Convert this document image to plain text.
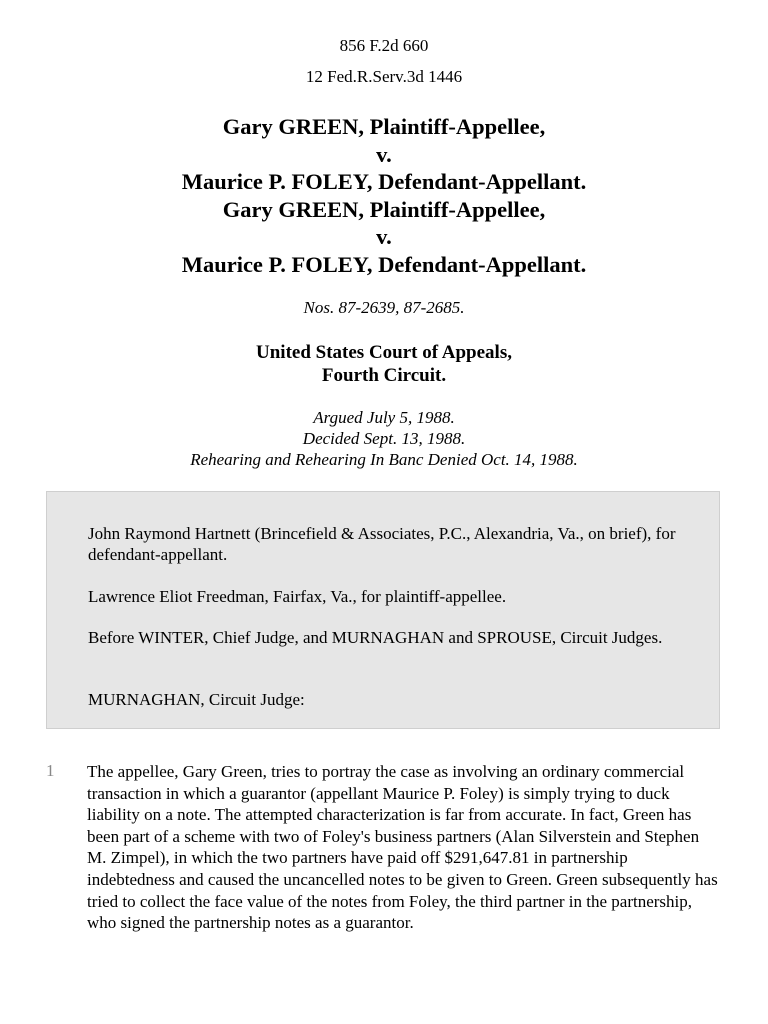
856 F.2d 660
12 Fed.R.Serv.3d 1446
Gary GREEN, Plaintiff-Appellee,
v.
Maurice P. FOLEY, Defendant-Appellant.
Gary GREEN, Plaintiff-Appellee,
v.
Maurice P. FOLEY, Defendant-Appellant.
Nos. 87-2639, 87-2685.
United States Court of Appeals,
Fourth Circuit.
Argued July 5, 1988.
Decided Sept. 13, 1988.
Rehearing and Rehearing In Banc Denied Oct. 14, 1988.

John Raymond Hartnett (Brincefield & Associates, P.C., Alexandria, Va., on brief), for defendant-appellant.

Lawrence Eliot Freedman, Fairfax, Va., for plaintiff-appellee.

Before WINTER, Chief Judge, and MURNAGHAN and SPROUSE, Circuit Judges.

MURNAGHAN, Circuit Judge:

1 The appellee, Gary Green, tries to portray the case as involving an ordinary commercial transaction in which a guarantor (appellant Maurice P. Foley) is simply trying to duck liability on a note. The attempted characterization is far from accurate. In fact, Green has been part of a scheme with two of Foley's business partners (Alan Silverstein and Stephen M. Zimpel), in which the two partners have paid off $291,647.81 in partnership indebtedness and caused the uncancelled notes to be given to Green. Green subsequently has tried to collect the face value of the notes from Foley, the third partner in the partnership, who signed the partnership notes as a guarantor.
